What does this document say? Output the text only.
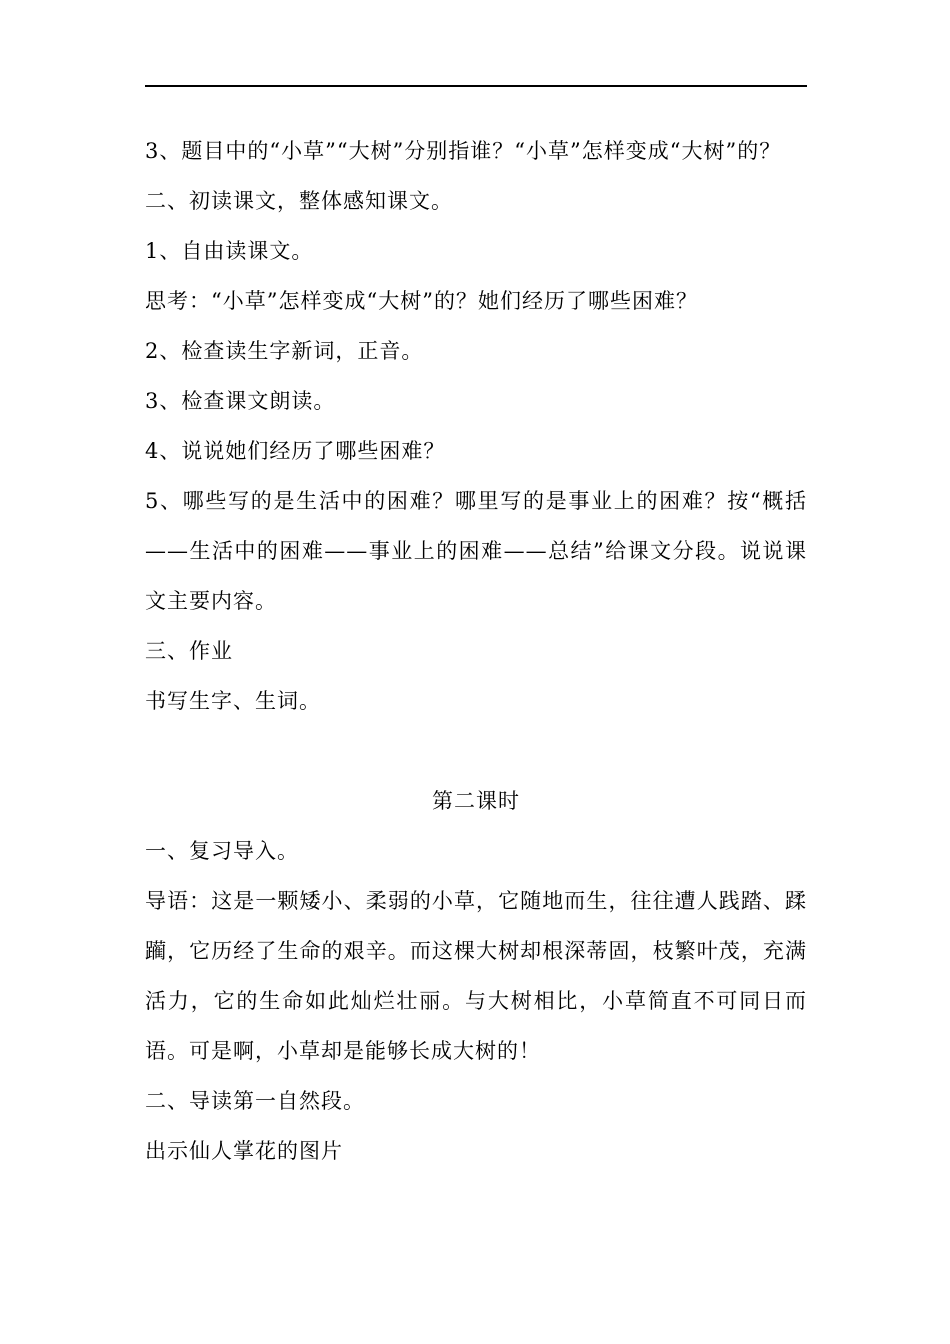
3、题目中的“小草”“大树”分别指谁？“小草”怎样变成“大树”的？

二、初读课文，整体感知课文。

1、自由读课文。

思考：“小草”怎样变成“大树”的？她们经历了哪些困难？

2、检查读生字新词，正音。

3、检查课文朗读。

4、说说她们经历了哪些困难？

5、哪些写的是生活中的困难？哪里写的是事业上的困难？按“概括——生活中的困难——事业上的困难——总结”给课文分段。说说课文主要内容。

三、作业

书写生字、生词。

第二课时

一、复习导入。

导语：这是一颗矮小、柔弱的小草，它随地而生，往往遭人践踏、蹂躏，它历经了生命的艰辛。而这棵大树却根深蒂固，枝繁叶茂，充满活力，它的生命如此灿烂壮丽。与大树相比，小草简直不可同日而语。可是啊，小草却是能够长成大树的！

二、导读第一自然段。

出示仙人掌花的图片
